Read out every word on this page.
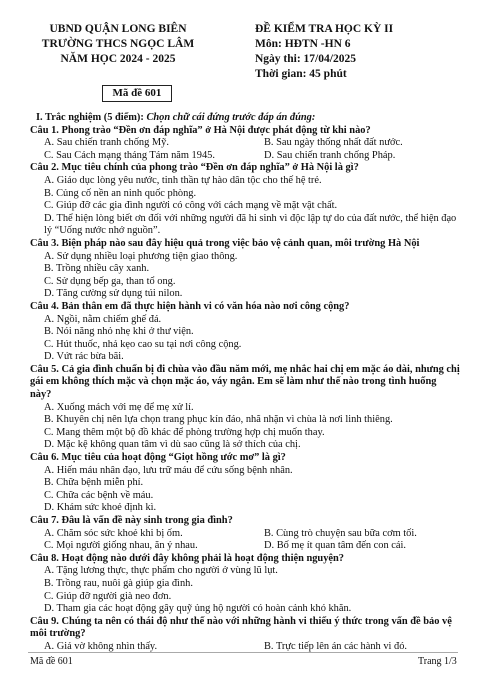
UBND QUẬN LONG BIÊN
TRƯỜNG THCS NGỌC LÂM
NĂM HỌC 2024 - 2025
Mã đề 601
ĐỀ KIỂM TRA HỌC KỲ II
Môn: HĐTN -HN 6
Ngày thi: 17/04/2025
Thời gian: 45 phút
I. Trắc nghiệm (5 điểm): Chọn chữ cái đứng trước đáp án đúng:
Câu 1. Phong trào “Đền ơn đáp nghĩa” ở Hà Nội được phát động từ khi nào?
A. Sau chiến tranh chống Mỹ.	B. Sau ngày thống nhất đất nước.
C. Sau Cách mạng tháng Tám năm 1945.	D. Sau chiến tranh chống Pháp.
Câu 2. Mục tiêu chính của phong trào “Đền ơn đáp nghĩa” ở Hà Nội là gì?
A. Giáo dục lòng yêu nước, tinh thần tự hào dân tộc cho thế hệ trẻ.
B. Củng cố nền an ninh quốc phòng.
C. Giúp đỡ các gia đình người có công với cách mạng về mặt vật chất.
D. Thể hiện lòng biết ơn đối với những người đã hi sinh vì độc lập tự do của đất nước, thể hiện đạo lý “Uống nước nhớ nguồn”.
Câu 3. Biện pháp nào sau đây hiệu quả trong việc bảo vệ cảnh quan, môi trường Hà Nội
A. Sử dụng nhiều loại phương tiện giao thông.
B. Trồng nhiều cây xanh.
C. Sử dụng bếp ga, than tổ ong.
D. Tăng cường sử dụng túi nilon.
Câu 4. Bản thân em đã thực hiện hành vi có văn hóa nào nơi công cộng?
A. Ngồi, nằm chiếm ghế đá.
B. Nói năng nhỏ nhẹ khi ở thư viện.
C. Hút thuốc, nhả kẹo cao su tại nơi công cộng.
D. Vứt rác bừa bãi.
Câu 5. Cả gia đình chuẩn bị đi chùa vào đầu năm mới, mẹ nhắc hai chị em mặc áo dài, nhưng chị gái em không thích mặc và chọn mặc áo, váy ngắn. Em sẽ làm như thế nào trong tình huống này?
A. Xuống mách với mẹ để mẹ xử lí.
B. Khuyên chị nên lựa chọn trang phục kín đáo, nhã nhặn vì chùa là nơi linh thiêng.
C. Mang thêm một bộ đồ khác để phòng trường hợp chị muốn thay.
D. Mặc kệ không quan tâm vì dù sao cũng là sở thích của chị.
Câu 6. Mục tiêu của hoạt động “Giọt hồng ước mơ” là gì?
A. Hiến máu nhân đạo, lưu trữ máu để cứu sống bệnh nhân.
B. Chữa bệnh miễn phí.
C. Chữa các bệnh về máu.
D. Khám sức khoẻ định kì.
Câu 7. Đâu là vấn đề này sinh trong gia đình?
A. Chăm sóc sức khoẻ khi bị ốm.	B. Cùng trò chuyện sau bữa cơm tối.
C. Mọi người giống nhau, ăn ý nhau.	D. Bố mẹ ít quan tâm đến con cái.
Câu 8. Hoạt động nào dưới đây không phải là hoạt động thiện nguyện?
A. Tặng lương thực, thực phẩm cho người ở vùng lũ lụt.
B. Trồng rau, nuôi gà giúp gia đình.
C. Giúp đỡ người già neo đơn.
D. Tham gia các hoạt động gây quỹ ủng hộ người có hoàn cảnh khó khăn.
Câu 9. Chúng ta nên có thái độ như thế nào với những hành vi thiếu ý thức trong vấn đề bảo vệ môi trường?
A. Giả vờ không nhìn thấy.	B. Trực tiếp lên án các hành vi đó.
Mã đề 601	Trang 1/3
